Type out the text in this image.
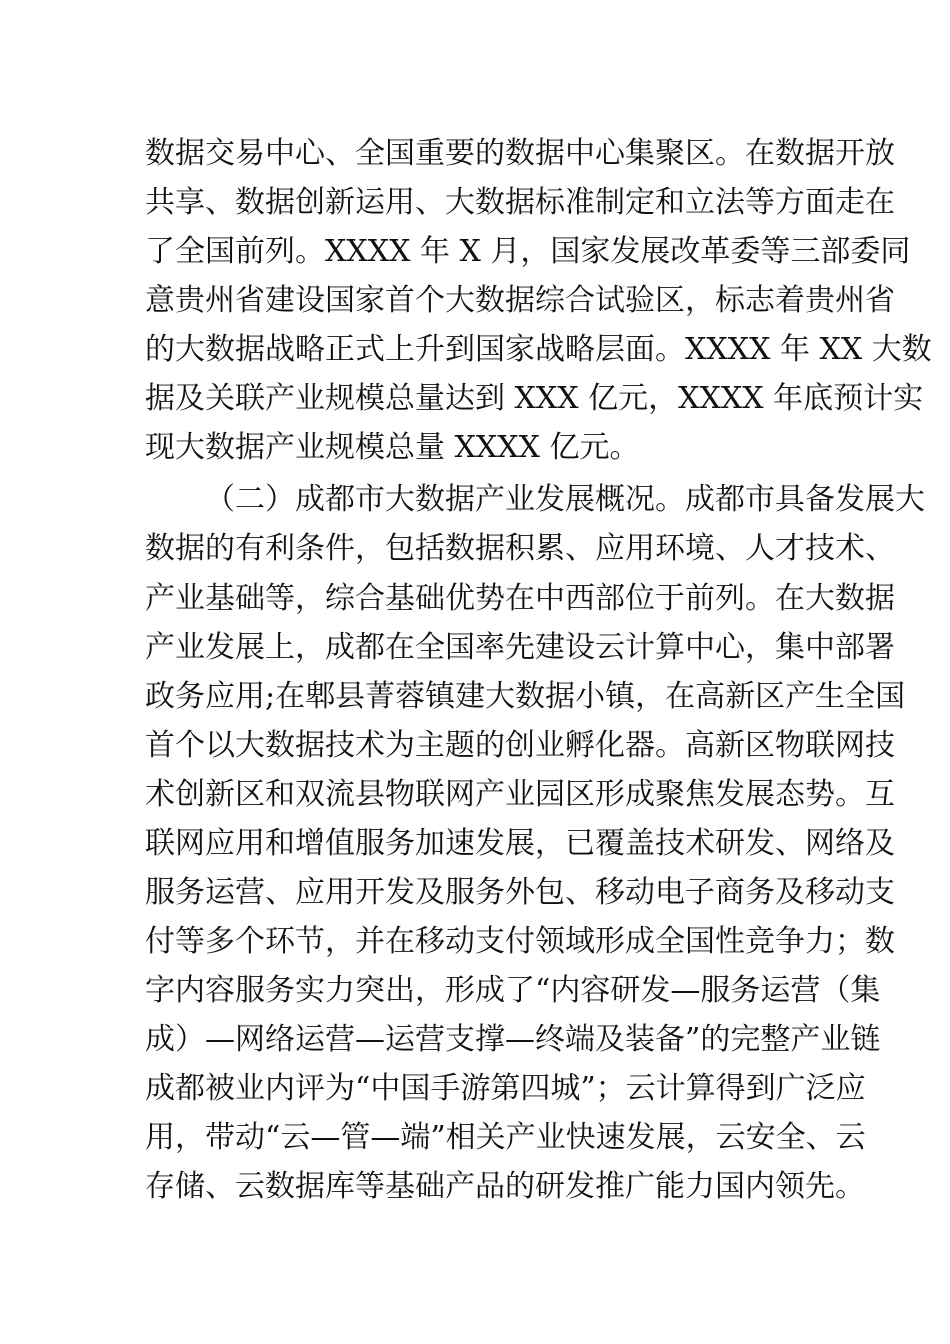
数据交易中心、全国重要的数据中心集聚区。在数据开放
共享、数据创新运用、大数据标准制定和立法等方面走在
了全国前列。XXXX 年 X 月，国家发展改革委等三部委同
意贵州省建设国家首个大数据综合试验区，标志着贵州省
的大数据战略正式上升到国家战略层面。XXXX 年 XX 大数
据及关联产业规模总量达到 XXX 亿元，XXXX 年底预计实
现大数据产业规模总量 XXXX 亿元。
（二）成都市大数据产业发展概况。成都市具备发展大
数据的有利条件，包括数据积累、应用环境、人才技术、
产业基础等，综合基础优势在中西部位于前列。在大数据
产业发展上，成都在全国率先建设云计算中心，集中部署
政务应用;在郫县菁蓉镇建大数据小镇，在高新区产生全国
首个以大数据技术为主题的创业孵化器。高新区物联网技
术创新区和双流县物联网产业园区形成聚焦发展态势。互
联网应用和增值服务加速发展，已覆盖技术研发、网络及
服务运营、应用开发及服务外包、移动电子商务及移动支
付等多个环节，并在移动支付领域形成全国性竞争力；数
字内容服务实力突出，形成了“内容研发—服务运营（集
成）—网络运营—运营支撑—终端及装备”的完整产业链
成都被业内评为“中国手游第四城”；云计算得到广泛应
用，带动“云—管—端”相关产业快速发展，云安全、云
存储、云数据库等基础产品的研发推广能力国内领先。
